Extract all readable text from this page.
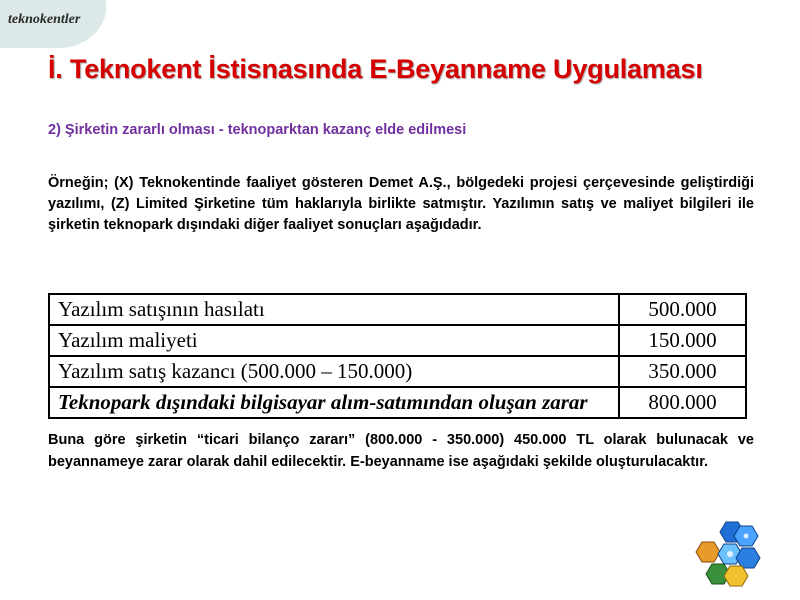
teknokentler
İ. Teknokent İstisnasında E-Beyanname Uygulaması
2) Şirketin zararlı olması - teknoparktan kazanç elde edilmesi

Örneğin; (X) Teknokentinde faaliyet gösteren Demet A.Ş., bölgedeki projesi çerçevesinde geliştirdiği yazılımı, (Z) Limited Şirketine tüm haklarıyla birlikte satmıştır. Yazılımın satış ve maliyet bilgileri ile şirketin teknopark dışındaki diğer faaliyet sonuçları aşağıdadır.

Yazılım satışının hasılatı	500.000
Yazılım maliyeti	150.000
Yazılım satış kazancı (500.000 – 150.000)	350.000
Teknopark dışındaki bilgisayar alım-satımından oluşan zarar	800.000

Buna göre şirketin “ticari bilanço zararı” (800.000 - 350.000) 450.000 TL olarak bulunacak ve beyannameye zarar olarak dahil edilecektir. E-beyanname ise aşağıdaki şekilde oluşturulacaktır.
